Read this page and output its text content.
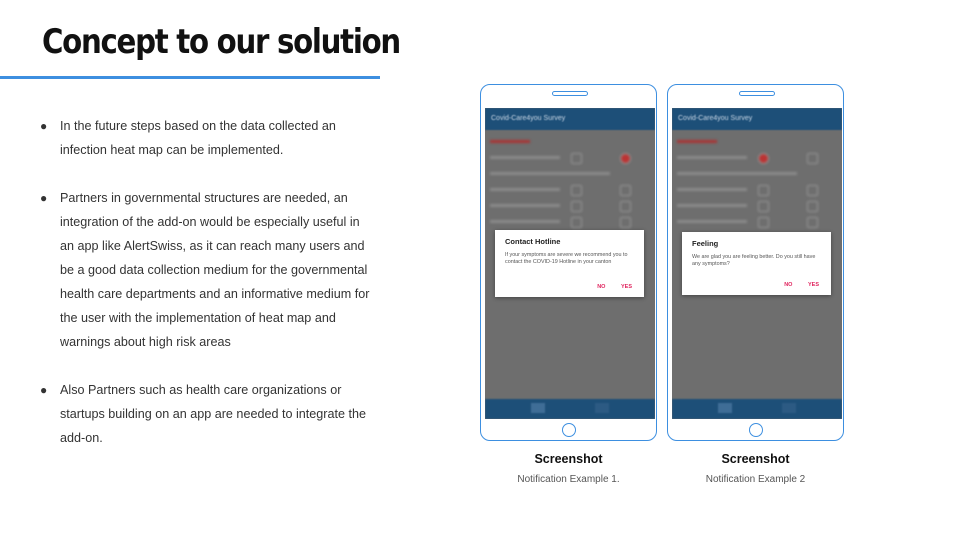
Concept to our solution
● In the future steps based on the data collected an infection heat map can be implemented.
● Partners in governmental structures are needed, an integration of the add-on would be especially useful in an app like AlertSwiss, as it can reach many users and be a good data collection medium for the governmental health care departments and an informative medium for the user with the implementation of heat map and warnings about high risk areas
● Also Partners such as health care organizations or startups building on an app are needed to integrate the add-on.
Covid-Care4you Survey
Contact Hotline
If your symptoms are severe we recommend you to contact the COVID-19 Hotline in your canton
NO	YES
Screenshot
Notification Example 1.
Covid-Care4you Survey
Feeling
We are glad you are feeling better. Do you still have any symptoms?
NO	YES
Screenshot
Notification Example 2
